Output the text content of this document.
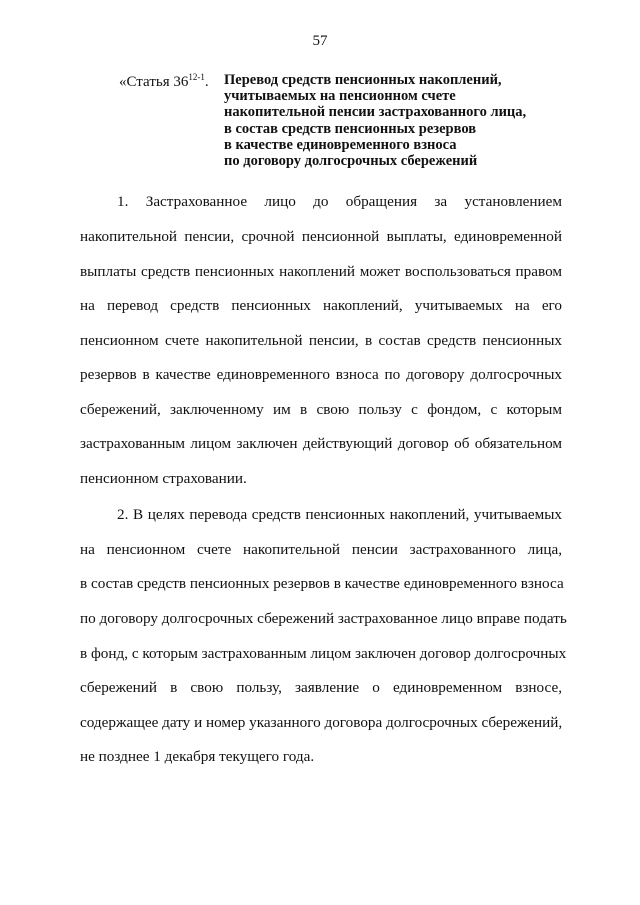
57
«Статья 36$^{12-1}$. Перевод средств пенсионных накоплений,
учитываемых на пенсионном счете
накопительной пенсии застрахованного лица,
в состав средств пенсионных резервов
в качестве единовременного взноса
по договору долгосрочных сбережений
1. Застрахованное лицо до обращения за установлением
накопительной пенсии, срочной пенсионной выплаты, единовременной
выплаты средств пенсионных накоплений может воспользоваться правом
на перевод средств пенсионных накоплений, учитываемых на его
пенсионном счете накопительной пенсии, в состав средств пенсионных
резервов в качестве единовременного взноса по договору долгосрочных
сбережений, заключенному им в свою пользу с фондом, с которым
застрахованным лицом заключен действующий договор об обязательном
пенсионном страховании.
2. В целях перевода средств пенсионных накоплений, учитываемых
на пенсионном счете накопительной пенсии застрахованного лица,
в состав средств пенсионных резервов в качестве единовременного взноса
по договору долгосрочных сбережений застрахованное лицо вправе подать
в фонд, с которым застрахованным лицом заключен договор долгосрочных
сбережений в свою пользу, заявление о единовременном взносе,
содержащее дату и номер указанного договора долгосрочных сбережений,
не позднее 1 декабря текущего года.
